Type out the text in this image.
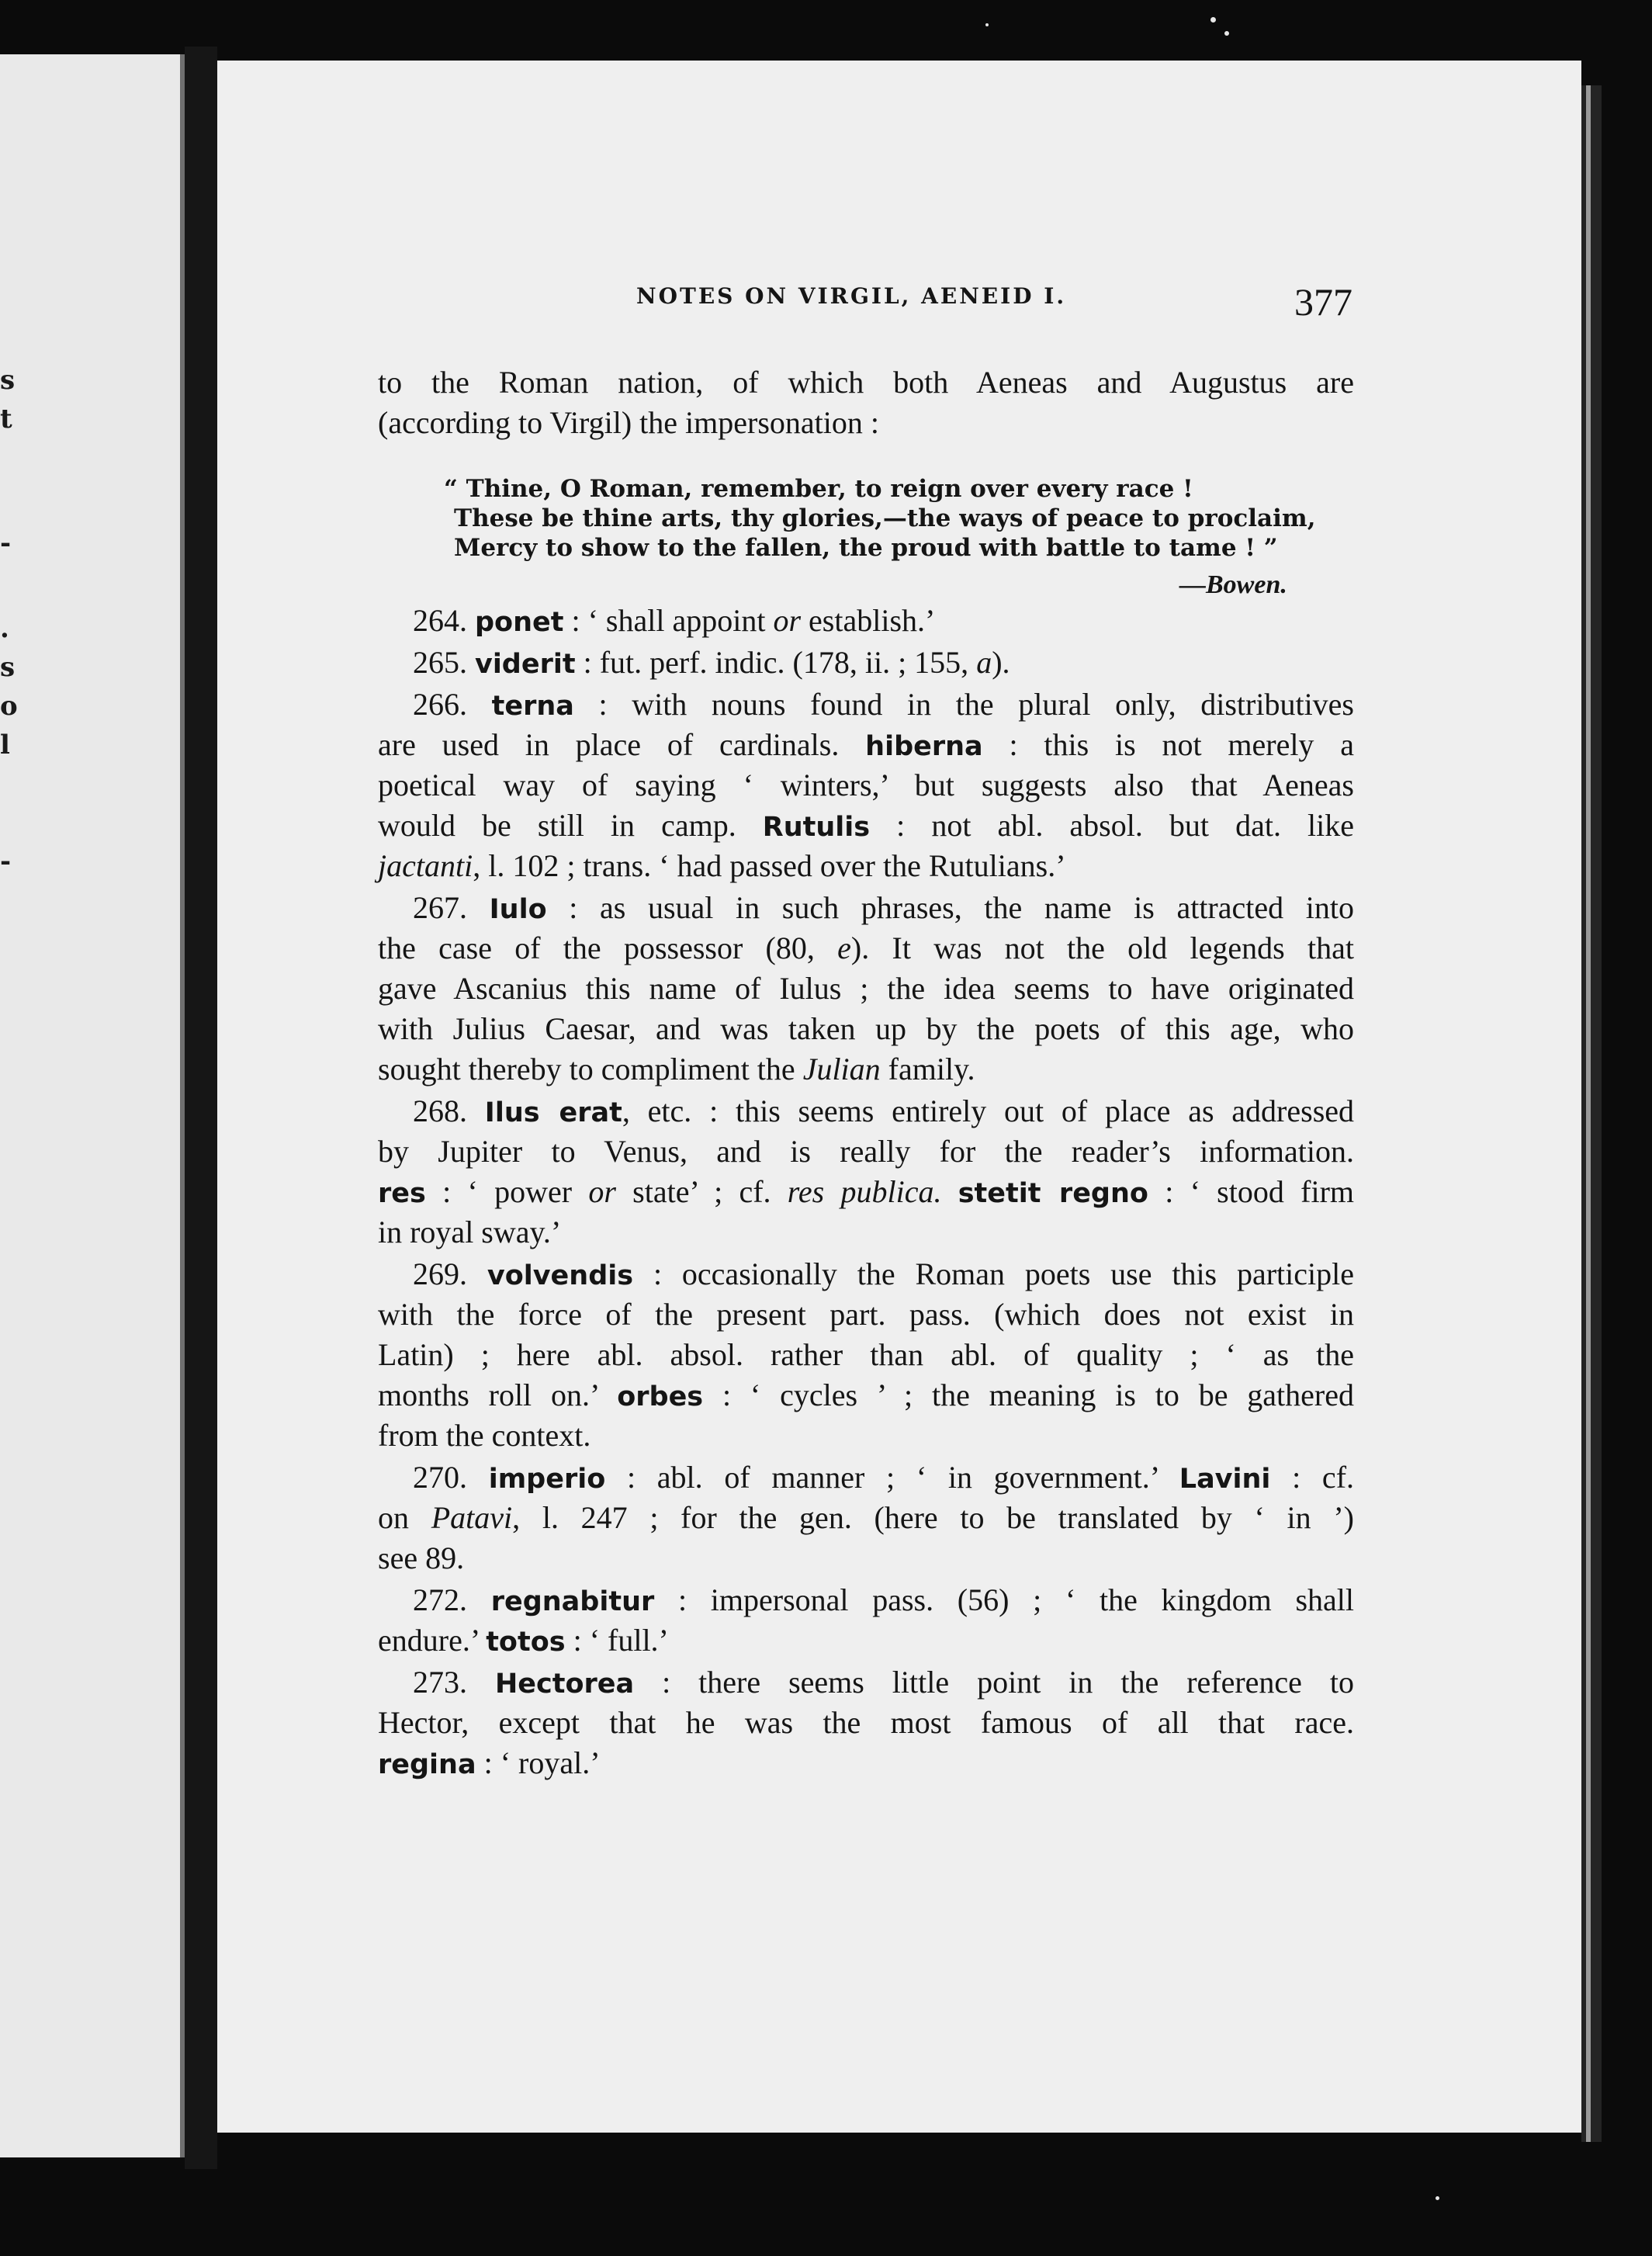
s
t
-
.
s
o
l
-
NOTES ON VIRGIL, AENEID I.	377
to the Roman nation, of which both Aeneas and Augustus are
(according to Virgil) the impersonation :
“ Thine, O Roman, remember, to reign over every race !
These be thine arts, thy glories,—the ways of peace to proclaim,
Mercy to show to the fallen, the proud with battle to tame ! ”
—Bowen.
264. ponet : ‘ shall appoint or establish.’
265. viderit : fut. perf. indic. (178, ii. ; 155, a).
266. terna : with nouns found in the plural only, distributives
are used in place of cardinals. hiberna : this is not merely a
poetical way of saying ‘ winters,’ but suggests also that Aeneas
would be still in camp. Rutulis : not abl. absol. but dat. like
jactanti, l. 102 ; trans. ‘ had passed over the Rutulians.’
267. Iulo : as usual in such phrases, the name is attracted into
the case of the possessor (80, e). It was not the old legends that
gave Ascanius this name of Iulus ; the idea seems to have originated
with Julius Caesar, and was taken up by the poets of this age, who
sought thereby to compliment the Julian family.
268. Ilus erat, etc. : this seems entirely out of place as addressed
by Jupiter to Venus, and is really for the reader’s information.
res : ‘ power or state’ ; cf. res publica. stetit regno : ‘ stood firm
in royal sway.’
269. volvendis : occasionally the Roman poets use this participle
with the force of the present part. pass. (which does not exist in
Latin) ; here abl. absol. rather than abl. of quality ; ‘ as the
months roll on.’ orbes : ‘ cycles ’ ; the meaning is to be gathered
from the context.
270. imperio : abl. of manner ; ‘ in government.’ Lavini : cf.
on Patavi, l. 247 ; for the gen. (here to be translated by ‘ in ’)
see 89.
272. regnabitur : impersonal pass. (56) ; ‘ the kingdom shall
endure.’ totos : ‘ full.’
273. Hectorea : there seems little point in the reference to
Hector, except that he was the most famous of all that race.
regina : ‘ royal.’
